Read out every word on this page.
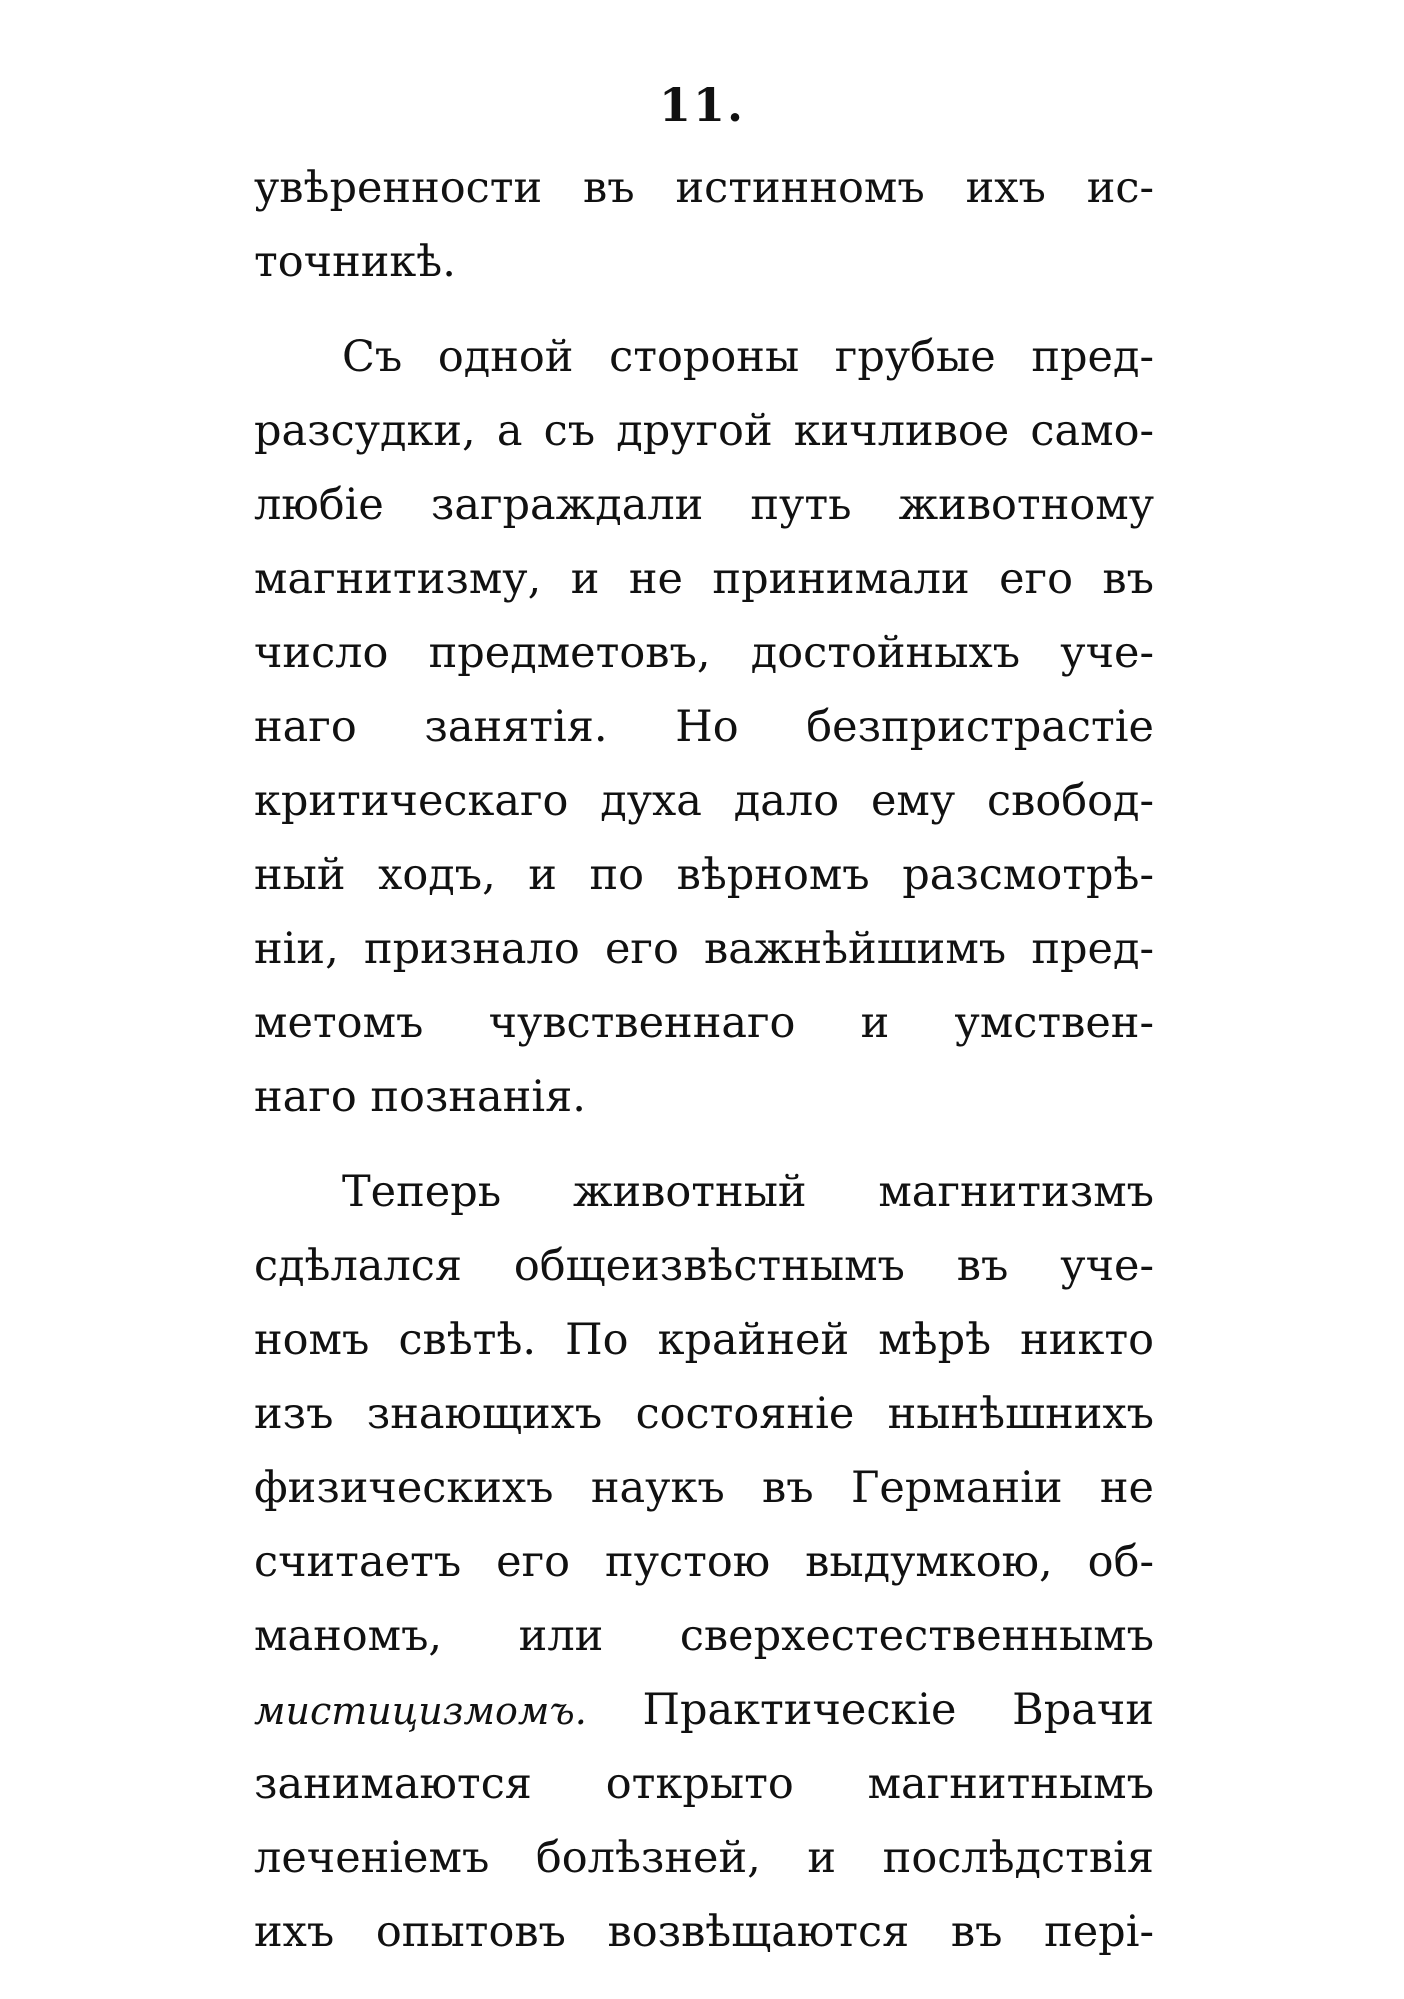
11.
увѣренности въ истинномъ ихъ ис-
точникѣ.
Съ одной стороны грубые пред-
разсудки, а съ другой кичливое само-
любіе заграждали путь животному
магнитизму, и не принимали его въ
число предметовъ, достойныхъ уче-
наго занятія. Но безпристрастіе
критическаго духа дало ему свобод-
ный ходъ, и по вѣрномъ разсмотрѣ-
ніи, признало его важнѣйшимъ пред-
метомъ чувственнаго и умствен-
наго познанія.
Теперь животный магнитизмъ
сдѣлался общеизвѣстнымъ въ уче-
номъ свѣтѣ. По крайней мѣрѣ никто
изъ знающихъ состояніе нынѣшнихъ
физическихъ наукъ въ Германіи не
считаетъ его пустою выдумкою, об-
маномъ, или сверхестественнымъ
мистицизмомъ. Практическіе Врачи
занимаются открыто магнитнымъ
леченіемъ болѣзней, и послѣдствія
ихъ опытовъ возвѣщаются въ пері-
